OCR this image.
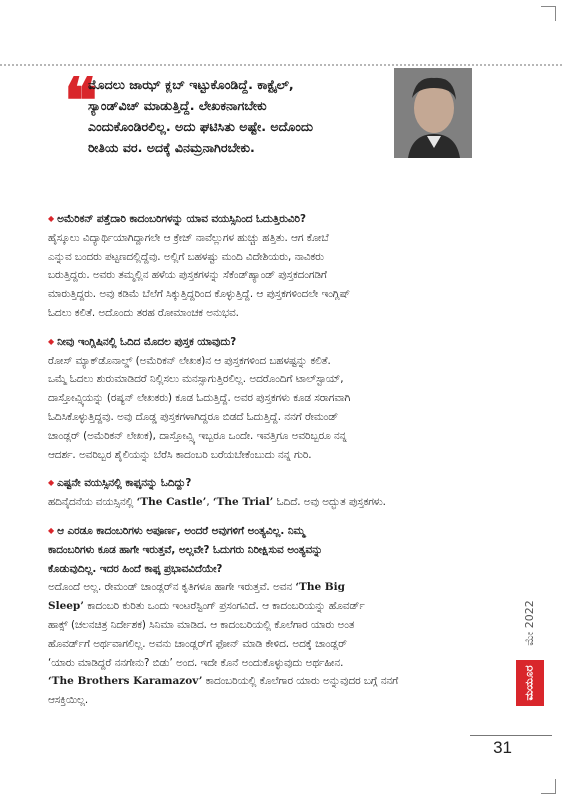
❝
ಮೊದಲು ಜಾಝ್ ಕ್ಲಬ್ ಇಟ್ಟುಕೊಂಡಿದ್ದೆ. ಕಾಕ್ಟೈಲ್,
ಸ್ಯಾಂಡ್‌ವಿಚ್ ಮಾಡುತ್ತಿದ್ದೆ. ಲೇಖಕನಾಗಬೇಕು
ಎಂದುಕೊಂಡಿರಲಿಲ್ಲ. ಅದು ಘಟಿಸಿತು ಅಷ್ಟೇ. ಅದೊಂದು
ರೀತಿಯ ವರ. ಅದಕ್ಕೆ ವಿನಮ್ರನಾಗಿರಬೇಕು.
◆ ಅಮೆರಿಕನ್ ಪತ್ತೆದಾರಿ ಕಾದಂಬರಿಗಳನ್ನು ಯಾವ ವಯಸ್ಸಿನಿಂದ ಓದುತ್ತಿರುವಿರಿ?
ಹೈಸ್ಕೂಲು ವಿದ್ಯಾರ್ಥಿಯಾಗಿದ್ದಾಗಲೇ ಆ ಕ್ರೇಜ್ ನಾವೆಲ್ಲುಗಳ ಹುಚ್ಚು ಹತ್ತಿತು. ಆಗ ಕೋಬೆ
ಎನ್ನುವ ಬಂದರು ಪಟ್ಟಣದಲ್ಲಿದ್ದೆವು. ಅಲ್ಲಿಗೆ ಬಹಳಷ್ಟು ಮಂದಿ ವಿದೇಶಿಯರು, ನಾವಿಕರು
ಬರುತ್ತಿದ್ದರು. ಅವರು ತಮ್ಮಲ್ಲಿನ ಹಳೆಯ ಪುಸ್ತಕಗಳನ್ನು ಸೆಕೆಂಡ್‌ಹ್ಯಾಂಡ್ ಪುಸ್ತಕದಂಗಡಿಗೆ
ಮಾರುತ್ತಿದ್ದರು. ಅವು ಕಡಿಮೆ ಬೆಲೆಗೆ ಸಿಕ್ಕುತ್ತಿದ್ದರಿಂದ ಕೊಳ್ಳುತ್ತಿದ್ದೆ. ಆ ಪುಸ್ತಕಗಳಿಂದಲೇ ಇಂಗ್ಲಿಷ್
ಓದಲು ಕಲಿತೆ. ಅದೊಂದು ತರಹ ರೋಮಾಂಚಕ ಅನುಭವ.
◆ ನೀವು ಇಂಗ್ಲಿಷಿನಲ್ಲಿ ಓದಿದ ಮೊದಲ ಪುಸ್ತಕ ಯಾವುದು?
ರೋಸ್ ಮ್ಯಾಕ್‌ಡೊನಾಲ್ಡ್ (ಅಮೆರಿಕನ್ ಲೇಖಕ)ನ ಆ ಪುಸ್ತಕಗಳಿಂದ ಬಹಳಷ್ಟನ್ನು ಕಲಿತೆ.
ಒಮ್ಮೆ ಓದಲು ಶುರುಮಾಡಿದರೆ ನಿಲ್ಲಿಸಲು ಮನಸ್ಸಾಗುತ್ತಿರಲಿಲ್ಲ. ಅದರೊಂದಿಗೆ ಟಾಲ್‌ಸ್ಟಾಯ್,
ದಾಸ್ತೋವ್ಸ್ಕಿಯನ್ನು (ರಷ್ಯನ್ ಲೇಖಕರು) ಕೂಡ ಓದುತ್ತಿದ್ದೆ. ಅವರ ಪುಸ್ತಕಗಳು ಕೂಡ ಸರಾಗವಾಗಿ
ಓದಿಸಿಕೊಳ್ಳುತ್ತಿದ್ದವು. ಅವು ದೊಡ್ಡ ಪುಸ್ತಕಗಳಾಗಿದ್ದರೂ ಬಿಡದೆ ಓದುತ್ತಿದ್ದೆ. ನನಗೆ ರೇಮಂಡ್
ಚಾಂಡ್ಲರ್ (ಅಮೆರಿಕನ್ ಲೇಖಕ), ದಾಸ್ತೋವ್ಸ್ಕಿ ಇಬ್ಬರೂ ಒಂದೇ. ಇವತ್ತಿಗೂ ಅವರಿಬ್ಬರೂ ನನ್ನ
ಆದರ್ಶ. ಅವರಿಬ್ಬರ ಶೈಲಿಯನ್ನು ಬೆರೆಸಿ ಕಾದಂಬರಿ ಬರೆಯಬೇಕೆಂಬುದು ನನ್ನ ಗುರಿ.
◆ ಎಷ್ಟನೇ ವಯಸ್ಸಿನಲ್ಲಿ ಕಾಫ್ಕನನ್ನು ಓದಿದ್ದು?
ಹದಿನೈದನೆಯ ವಯಸ್ಸಿನಲ್ಲಿ ‘The Castle’, ‘The Trial’ ಓದಿದೆ. ಅವು ಅದ್ಭುತ ಪುಸ್ತಕಗಳು.
◆ ಆ ಎರಡೂ ಕಾದಂಬರಿಗಳು ಅಪೂರ್ಣ, ಅಂದರೆ ಅವುಗಳಿಗೆ ಅಂತ್ಯವಿಲ್ಲ. ನಿಮ್ಮ
ಕಾದಂಬರಿಗಳು ಕೂಡ ಹಾಗೇ ಇರುತ್ತವೆ, ಅಲ್ಲವೇ? ಓದುಗರು ನಿರೀಕ್ಷಿಸುವ ಅಂತ್ಯವನ್ನು
ಕೊಡುವುದಿಲ್ಲ. ಇದರ ಹಿಂದೆ ಕಾಫ್ಕ ಪ್ರಭಾವವಿದೆಯೇ?
ಅದೊಂದೆ ಅಲ್ಲ. ರೇಮಂಡ್ ಚಾಂಡ್ಲರ್‌ನ ಕೃತಿಗಳೂ ಹಾಗೇ ಇರುತ್ತವೆ. ಅವನ ‘The Big
Sleep’ ಕಾದಂಬರಿ ಕುರಿತು ಒಂದು ಇಂಟರೆಸ್ಟಿಂಗ್ ಪ್ರಸಂಗವಿದೆ. ಆ ಕಾದಂಬರಿಯನ್ನು ಹೊವರ್ಡ್
ಹಾಕ್ಸ್ (ಚಲನಚಿತ್ರ ನಿರ್ದೇಶಕ) ಸಿನಿಮಾ ಮಾಡಿದ. ಆ ಕಾದಂಬರಿಯಲ್ಲಿ ಕೊಲೆಗಾರ ಯಾರು ಅಂತ
ಹೊವರ್ಡ್‌ಗೆ ಅರ್ಥವಾಗಲಿಲ್ಲ. ಅವನು ಚಾಂಡ್ಲರ್‌ಗೆ ಫೋನ್ ಮಾಡಿ ಕೇಳಿದ. ಅದಕ್ಕೆ ಚಾಂಡ್ಲರ್
‘ಯಾರು ಮಾಡಿದ್ದರೆ ನನಗೇನು? ಬಿಡು’ ಅಂದ. ಇದೇ ಕೊನೆ ಅಂದುಕೊಳ್ಳುವುದು ಅರ್ಥಹೀನ.
‘The Brothers Karamazov’ ಕಾದಂಬರಿಯಲ್ಲಿ ಕೊಲೆಗಾರ ಯಾರು ಅನ್ನುವುದರ ಬಗ್ಗೆ ನನಗೆ
ಆಸಕ್ತಿಯಿಲ್ಲ.
ಮೇ 2022
ಮಯೂರ
31
